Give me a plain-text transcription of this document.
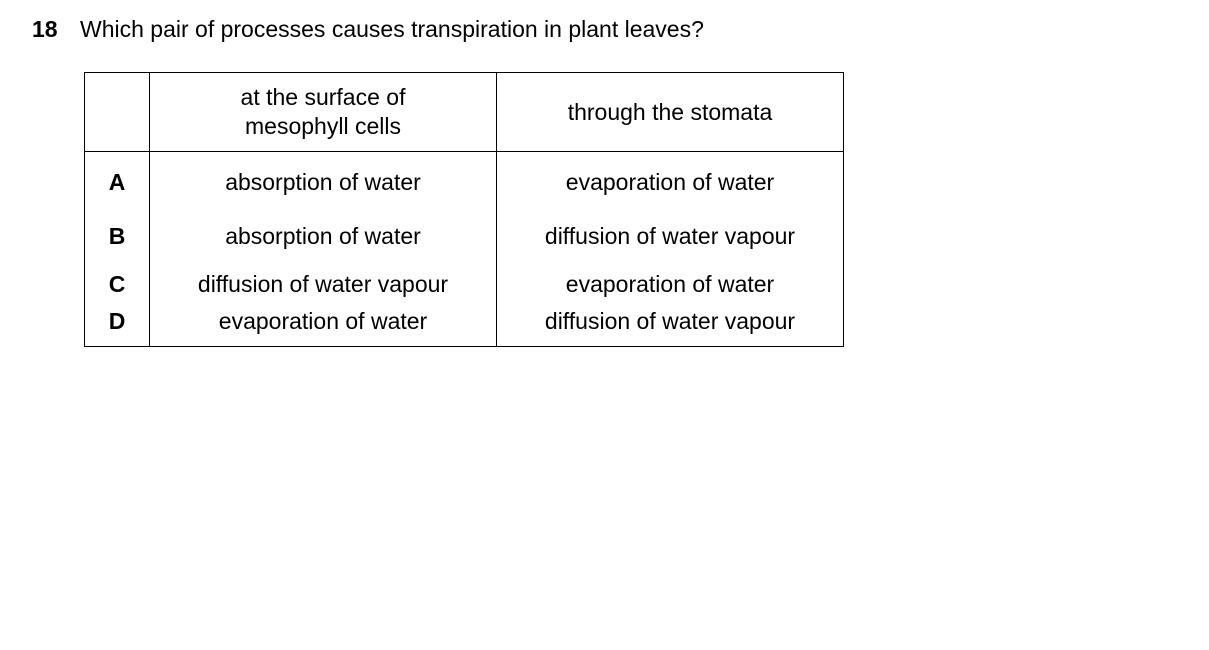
18 Which pair of processes causes transpiration in plant leaves?
	at the surface of
mesophyll cells	through the stomata
A	absorption of water	evaporation of water
B	absorption of water	diffusion of water vapour
C	diffusion of water vapour	evaporation of water
D	evaporation of water	diffusion of water vapour
